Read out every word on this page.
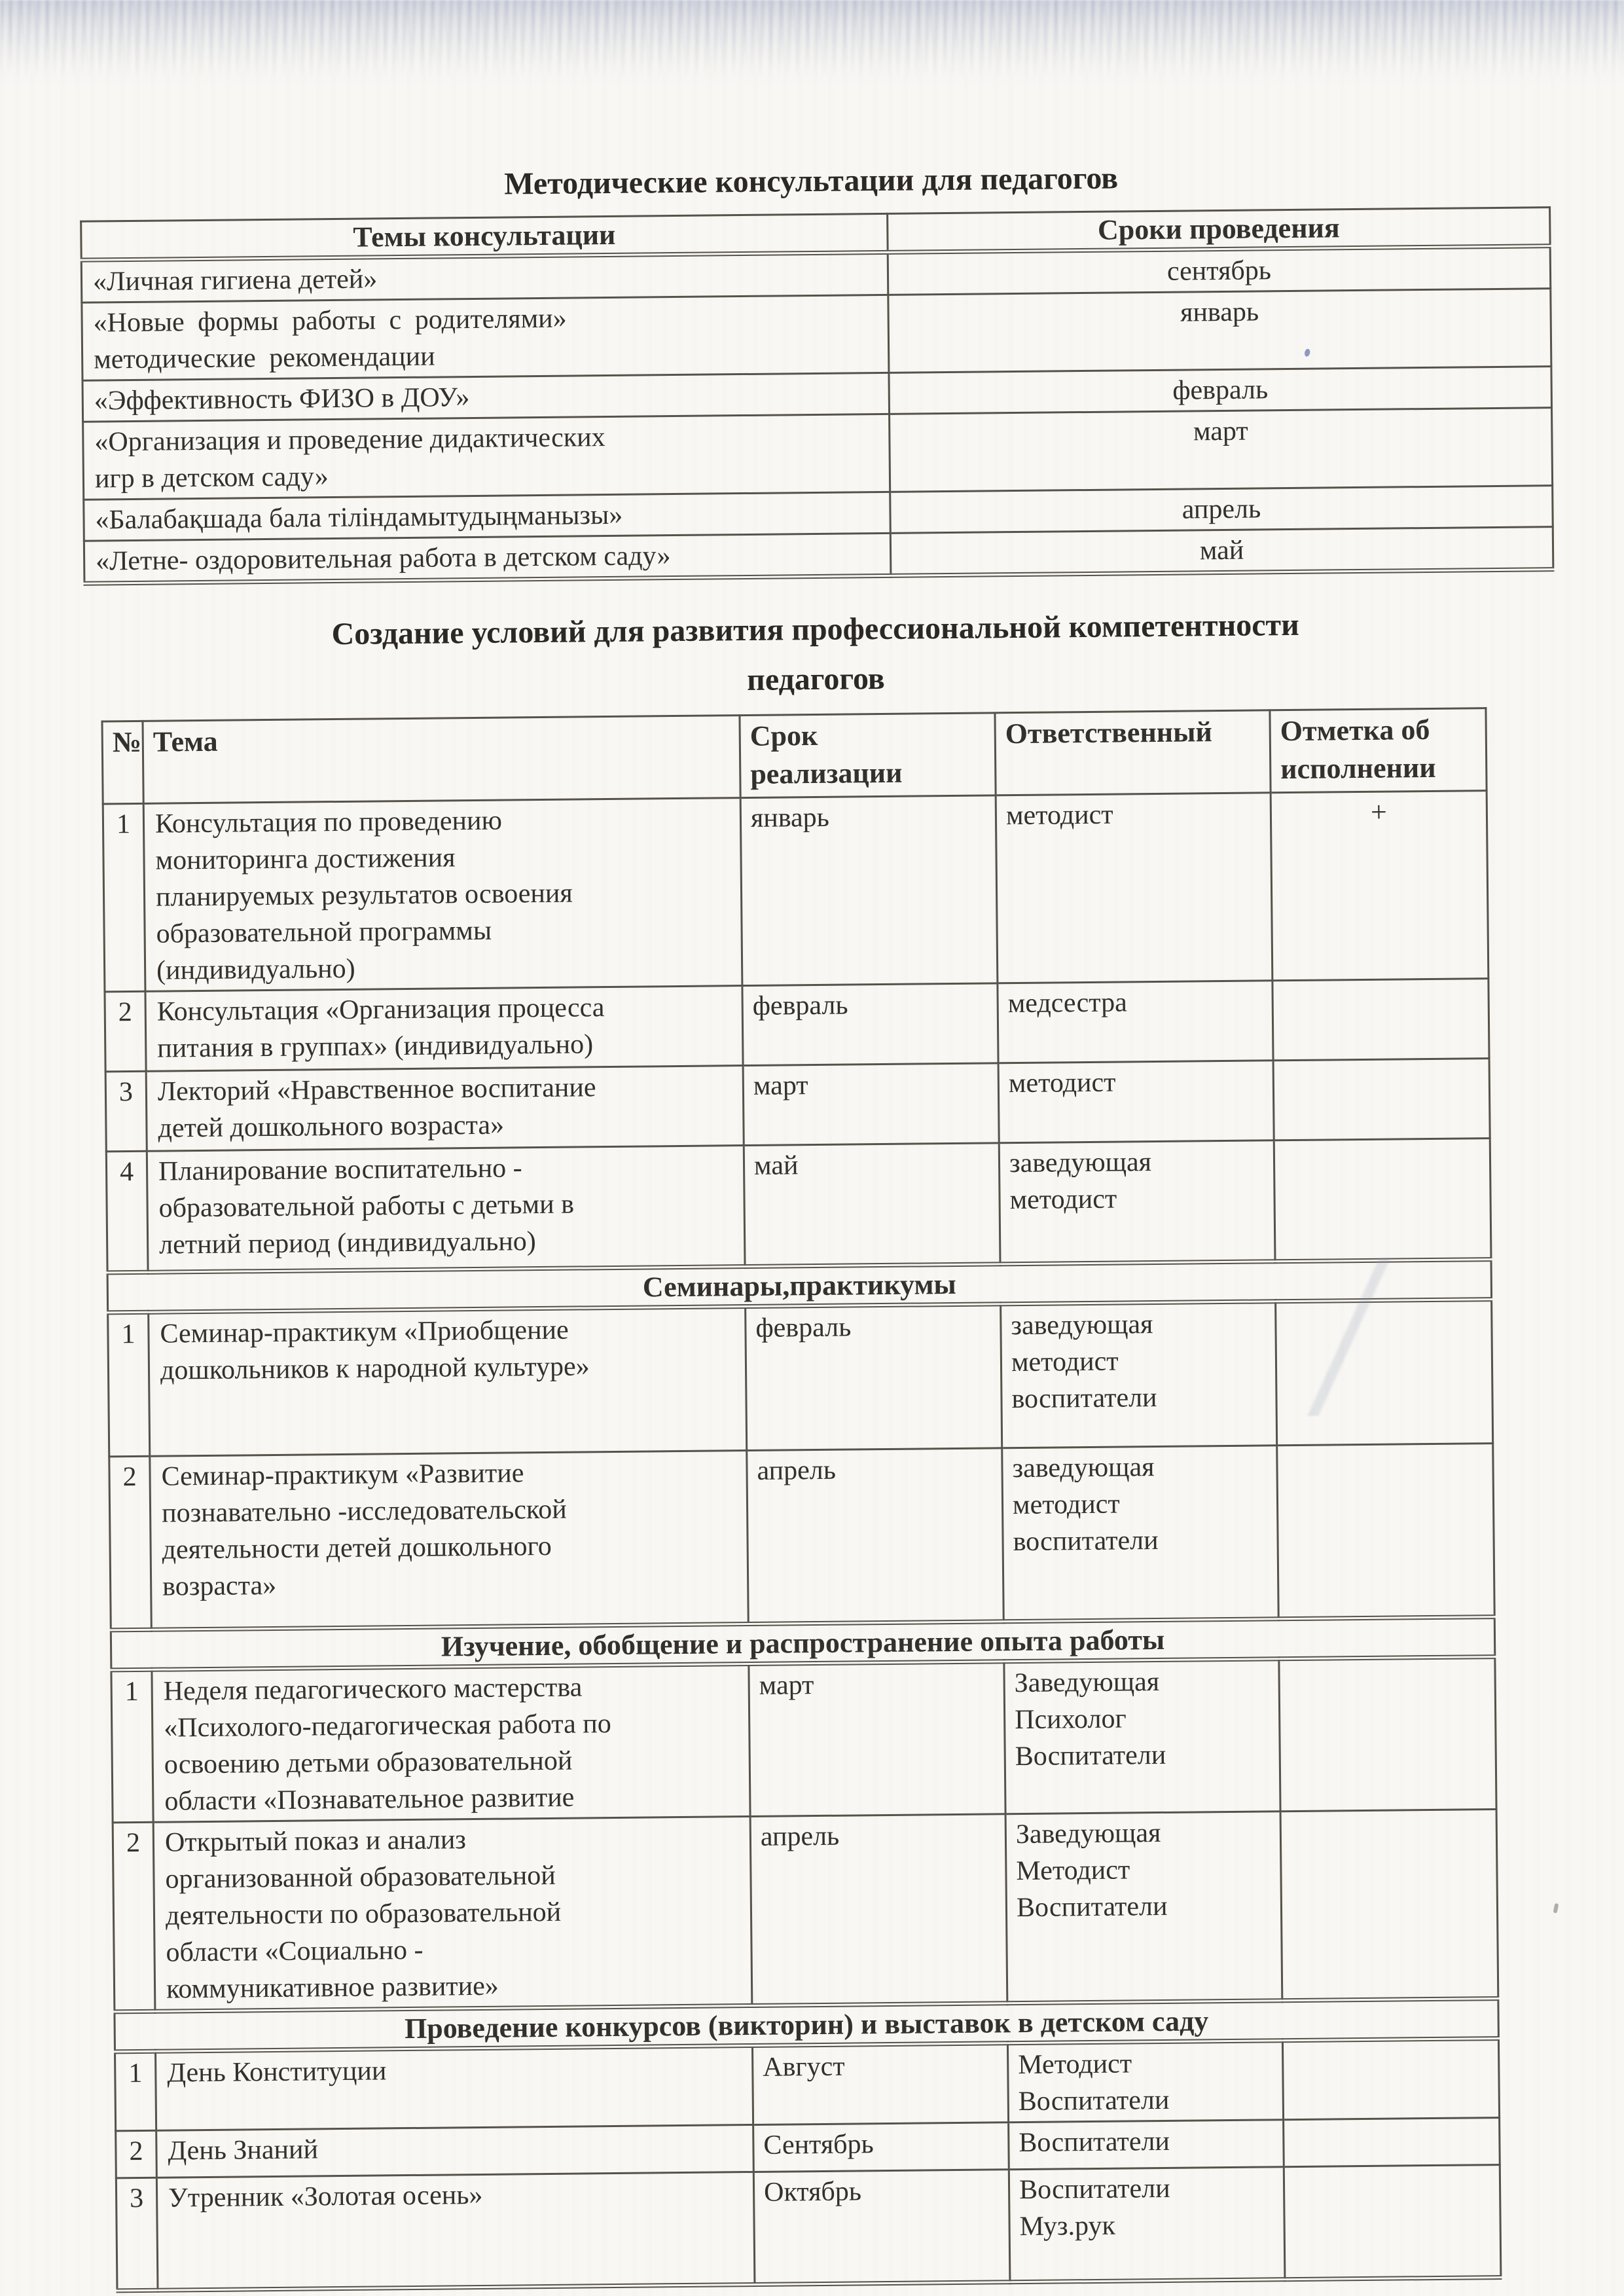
Методические консультации для педагогов
Темы консультации	Сроки проведения
«Личная гигиена детей»	сентябрь
«Новые формы работы с родителями»
методические рекомендации	январь
«Эффективность ФИЗО в ДОУ»	февраль
«Организация и проведение дидактических
игр в детском саду»	март
«Балабақшада бала тіліндамытудыңманызы»	апрель
«Летне- оздоровительная работа в детском саду»	май
Создание условий для развития профессиональной компетентности
педагогов
№	Тема	Срок
реализации	Ответственный	Отметка об
исполнении
1	Консультация по проведению
мониторинга достижения
планируемых результатов освоения
образовательной программы
(индивидуально)	январь	методист	+
2	Консультация «Организация процесса
питания в группах» (индивидуально)	февраль	медсестра	
3	Лекторий «Нравственное воспитание
детей дошкольного возраста»	март	методист	
4	Планирование воспитательно -
образовательной работы с детьми в
летний период (индивидуально)	май	заведующая
методист	
Семинары,практикумы				
1	Семинар-практикум «Приобщение
дошкольников к народной культуре»	февраль	заведующая
методист
воспитатели	
2	Семинар-практикум «Развитие
познавательно -исследовательской
деятельности детей дошкольного
возраста»	апрель	заведующая
методист
воспитатели	
Изучение, обобщение и распространение опыта работы				
1	Неделя педагогического мастерства
«Психолого-педагогическая работа по
освоению детьми образовательной
области «Познавательное развитие	март	Заведующая
Психолог
Воспитатели	
2	Открытый показ и анализ
организованной образовательной
деятельности по образовательной
области «Социально -
коммуникативное развитие»	апрель	Заведующая
Методист
Воспитатели	
Проведение конкурсов (викторин) и выставок в детском саду				
1	День Конституции	Август	Методист
Воспитатели	
2	День Знаний	Сентябрь	Воспитатели	
3	Утренник «Золотая осень»	Октябрь	Воспитатели
Муз.рук	
